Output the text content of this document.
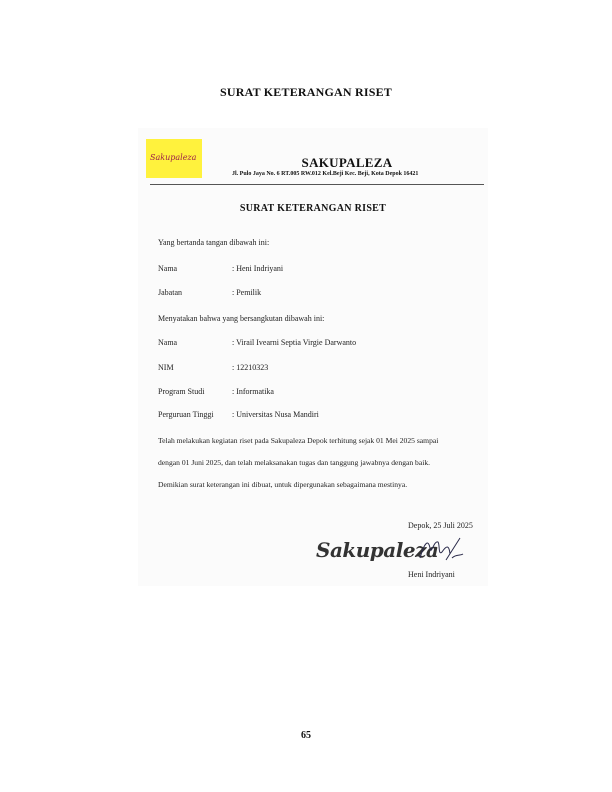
SURAT KETERANGAN RISET
Sakupaleza	SAKUPALEZA
Jl. Pulo Jaya No. 6 RT.005 RW.012 Kel.Beji Kec. Beji, Kota Depok 16421
SURAT KETERANGAN RISET
Yang bertanda tangan dibawah ini:
Nama	: Heni Indriyani
Jabatan	: Pemilik
Menyatakan bahwa yang bersangkutan dibawah ini:
Nama	: Virail Ivearni Septia Virgie Darwanto
NIM	: 12210323
Program Studi	: Informatika
Perguruan Tinggi : Universitas Nusa Mandiri
Telah melakukan kegiatan riset pada Sakupaleza Depok terhitung sejak 01 Mei 2025 sampai
dengan 01 Juni 2025, dan telah melaksanakan tugas dan tanggung jawabnya dengan baik.
Demikian surat keterangan ini dibuat, untuk dipergunakan sebagaimana mestinya.
Depok, 25 Juli 2025
Sakupaleza
Heni Indriyani
65
